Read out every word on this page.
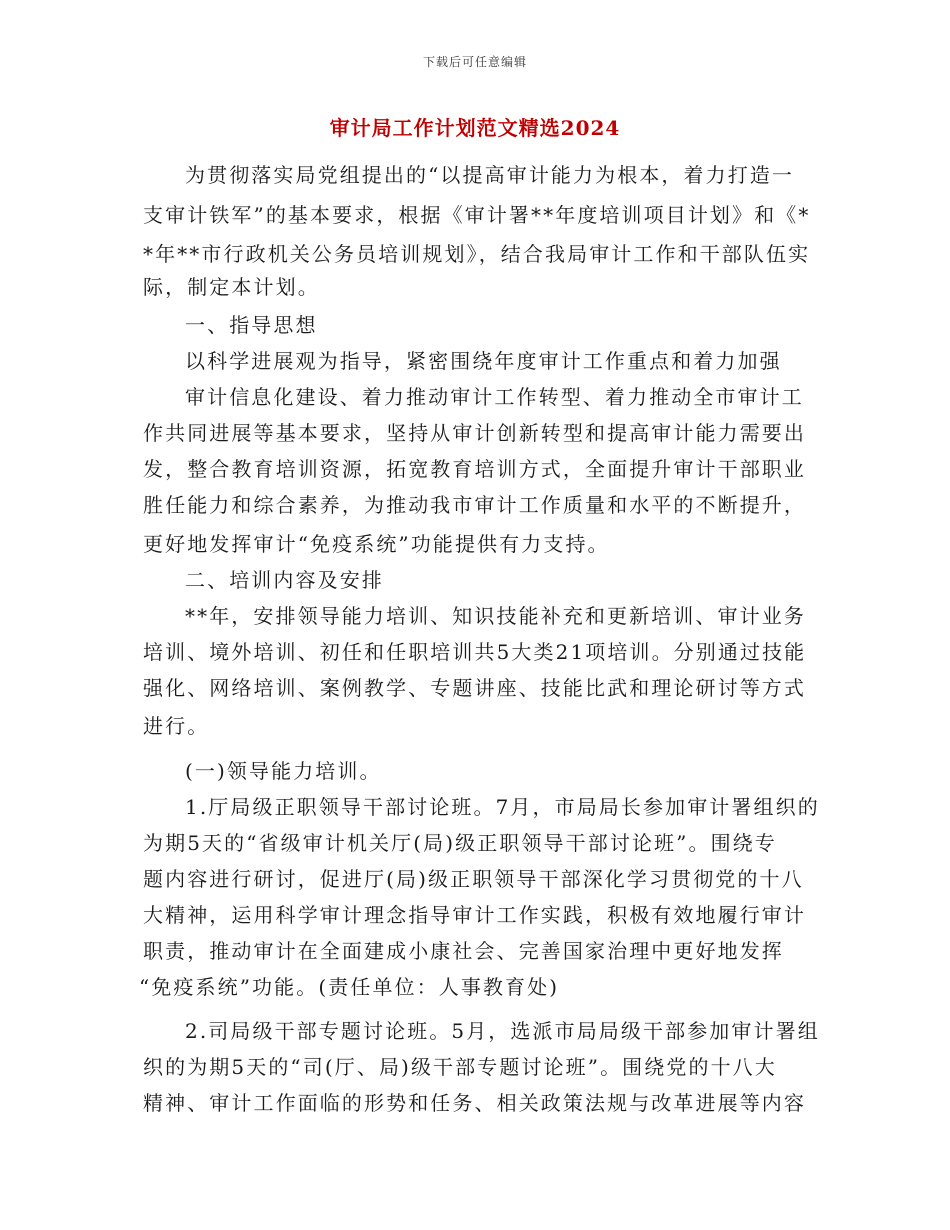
下载后可任意编辑
审计局工作计划范文精选2024
为贯彻落实局党组提出的“以提高审计能力为根本，着力打造一
支审计铁军”的基本要求，根据《审计署**年度培训项目计划》和《*
*年**市行政机关公务员培训规划》，结合我局审计工作和干部队伍实
际，制定本计划。
一、指导思想
以科学进展观为指导，紧密围绕年度审计工作重点和着力加强
审计信息化建设、着力推动审计工作转型、着力推动全市审计工
作共同进展等基本要求，坚持从审计创新转型和提高审计能力需要出
发，整合教育培训资源，拓宽教育培训方式，全面提升审计干部职业
胜任能力和综合素养，为推动我市审计工作质量和水平的不断提升，
更好地发挥审计“免疫系统”功能提供有力支持。
二、培训内容及安排
**年，安排领导能力培训、知识技能补充和更新培训、审计业务
培训、境外培训、初任和任职培训共5大类21项培训。分别通过技能
强化、网络培训、案例教学、专题讲座、技能比武和理论研讨等方式
进行。
(一)领导能力培训。
1.厅局级正职领导干部讨论班。7月，市局局长参加审计署组织的
为期5天的“省级审计机关厅(局)级正职领导干部讨论班”。围绕专
题内容进行研讨，促进厅(局)级正职领导干部深化学习贯彻党的十八
大精神，运用科学审计理念指导审计工作实践，积极有效地履行审计
职责，推动审计在全面建成小康社会、完善国家治理中更好地发挥
“免疫系统”功能。(责任单位：人事教育处)
2.司局级干部专题讨论班。5月，选派市局局级干部参加审计署组
织的为期5天的“司(厅、局)级干部专题讨论班”。围绕党的十八大
精神、审计工作面临的形势和任务、相关政策法规与改革进展等内容
